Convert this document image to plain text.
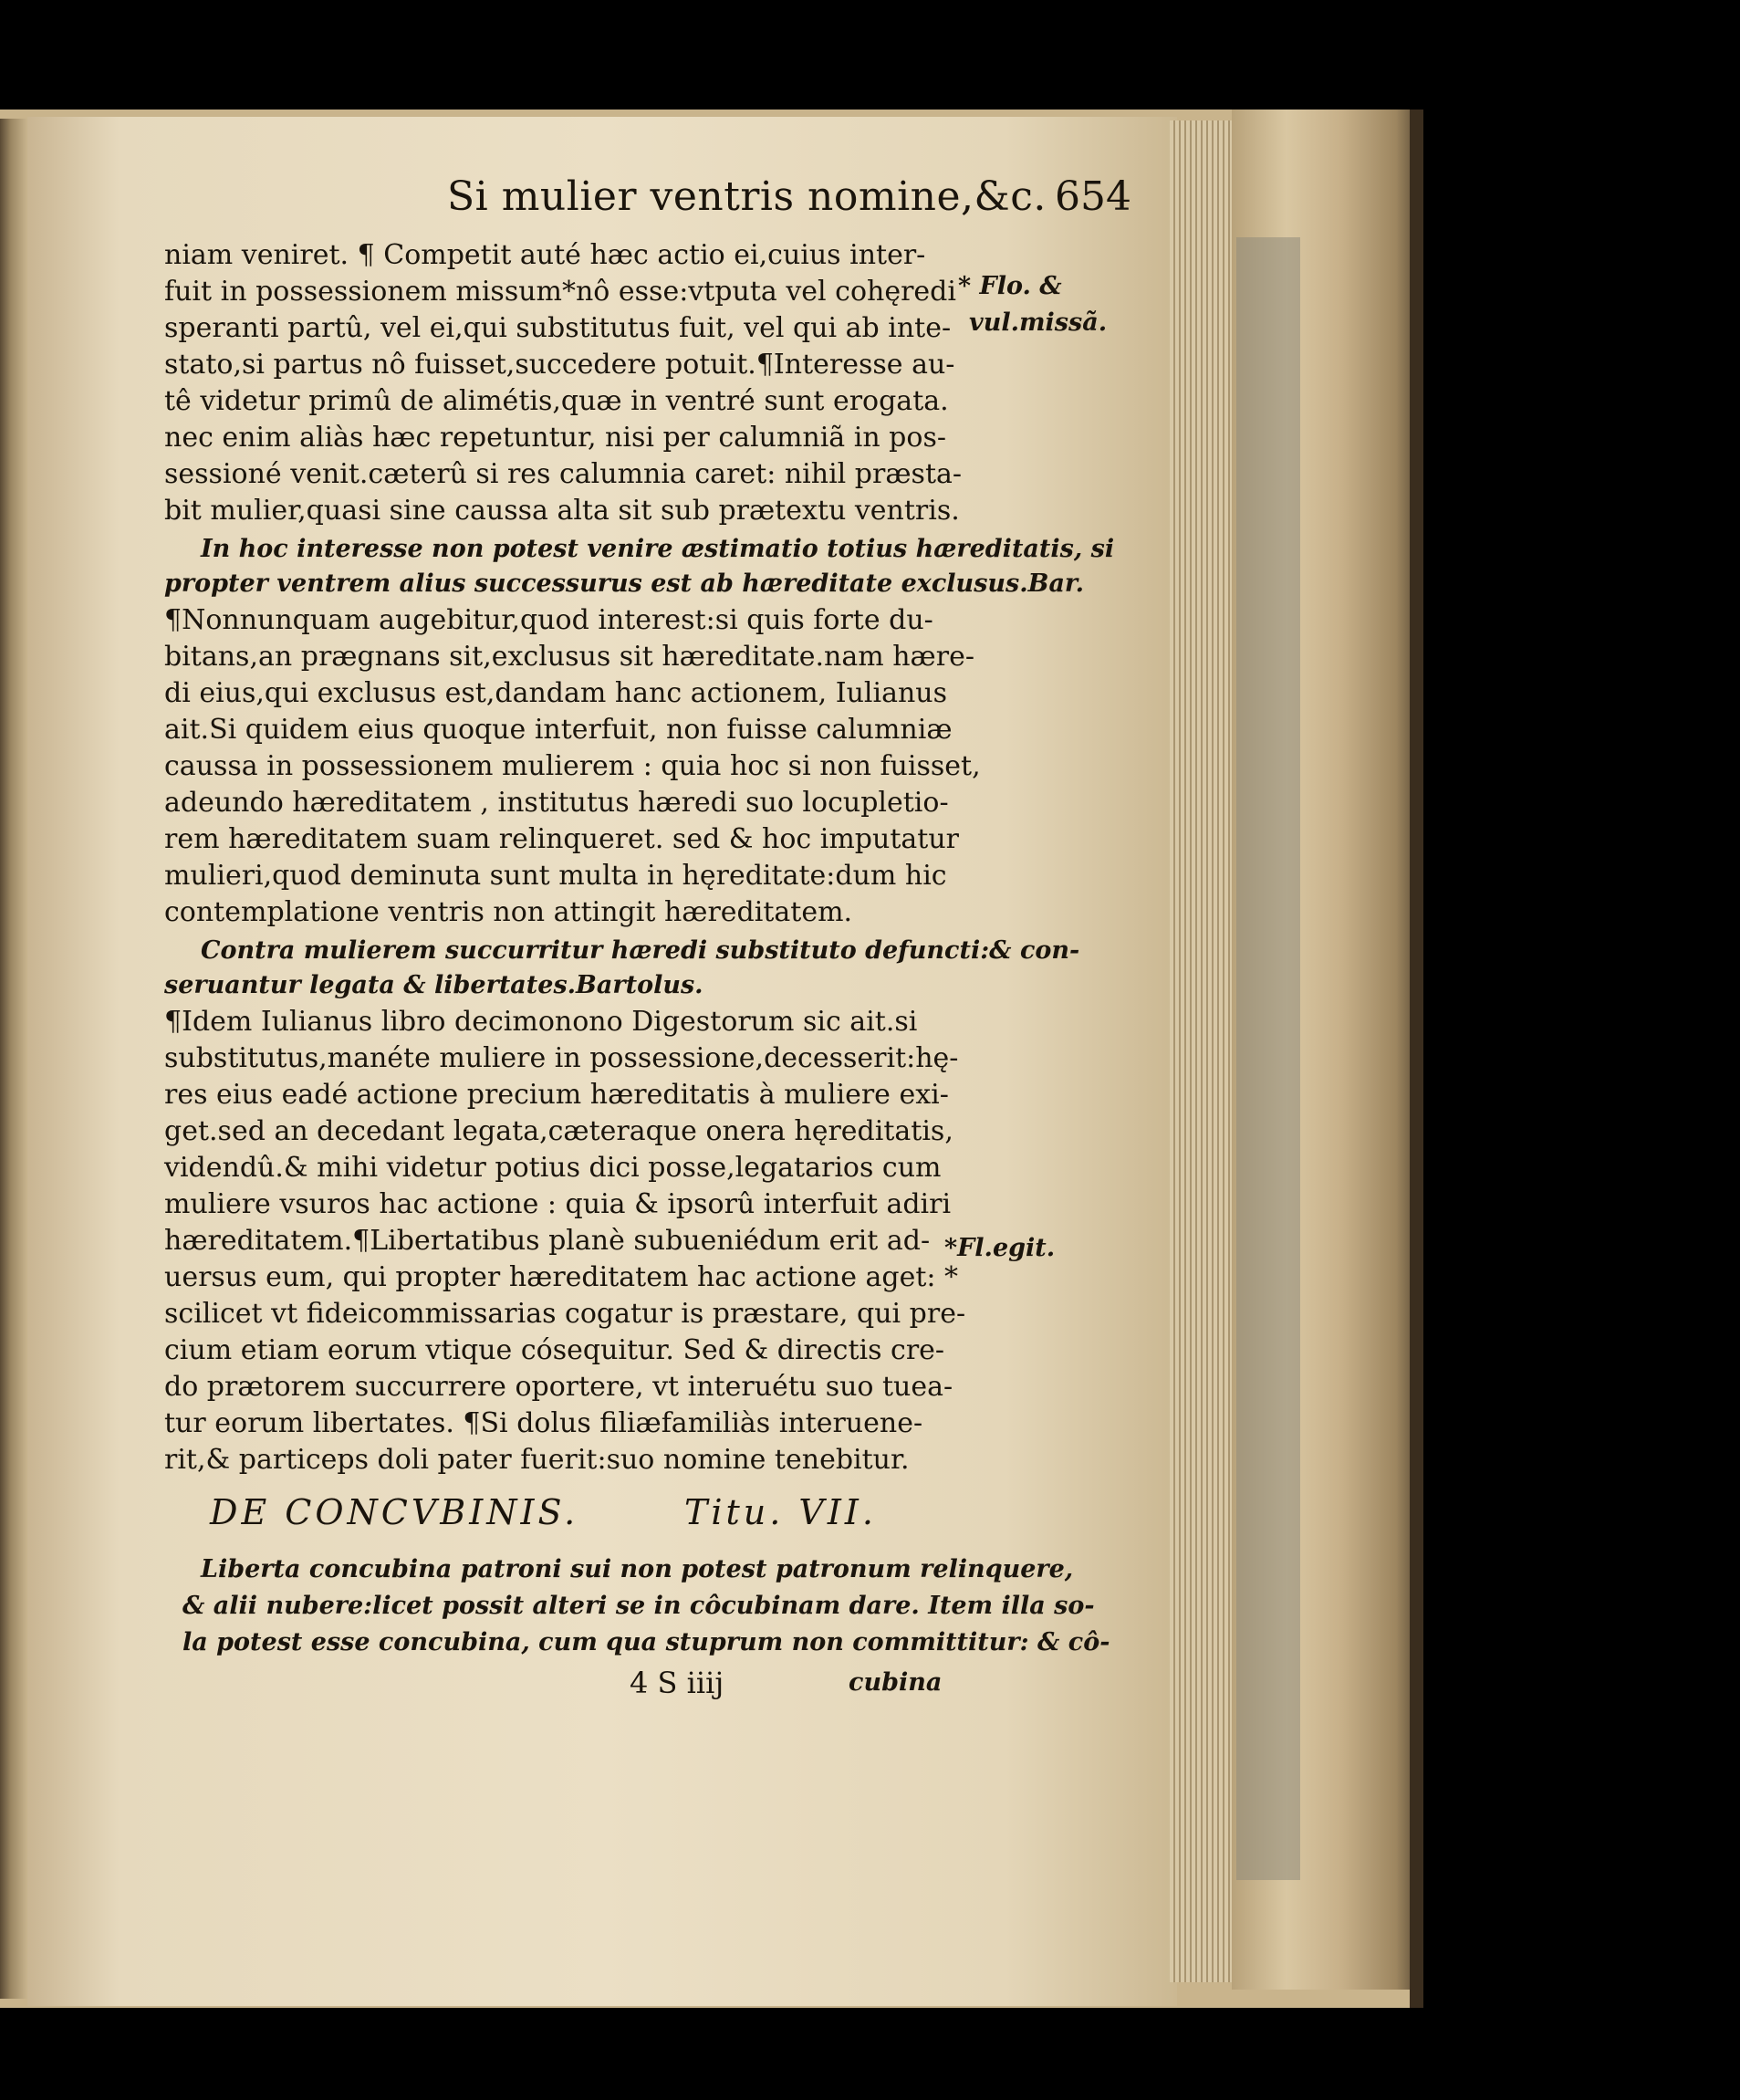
Si mulier ventris nomine,&c. 654
niam veniret. ¶ Competit auté hæc actio ei,cuius inter-
fuit in possessionem missum*nô esse:vtputa vel cohęredi
speranti partû, vel ei,qui substitutus fuit, vel qui ab inte-
stato,si partus nô fuisset,succedere potuit.¶Interesse au-
tê videtur primû de alimétis,quæ in ventré sunt erogata.
nec enim aliàs hæc repetuntur, nisi per calumniã in pos-
sessioné venit.cæterû si res calumnia caret: nihil præsta-
bit mulier,quasi sine caussa alta sit sub prætextu ventris.
In hoc interesse non potest venire æstimatio totius hæreditatis, si
propter ventrem alius successurus est ab hæreditate exclusus.Bar.
¶Nonnunquam augebitur,quod interest:si quis forte du-
bitans,an prægnans sit,exclusus sit hæreditate.nam hære-
di eius,qui exclusus est,dandam hanc actionem, Iulianus
ait.Si quidem eius quoque interfuit, non fuisse calumniæ
caussa in possessionem mulierem : quia hoc si non fuisset,
adeundo hæreditatem , institutus hæredi suo locupletio-
rem hæreditatem suam relinqueret. sed & hoc imputatur
mulieri,quod deminuta sunt multa in hęreditate:dum hic
contemplatione ventris non attingit hæreditatem.
Contra mulierem succurritur hæredi substituto defuncti:& con-
seruantur legata & libertates.Bartolus.
¶Idem Iulianus libro decimonono Digestorum sic ait.si
substitutus,manéte muliere in possessione,decesserit:hę-
res eius eadé actione precium hæreditatis à muliere exi-
get.sed an decedant legata,cæteraque onera hęreditatis,
videndû.& mihi videtur potius dici posse,legatarios cum
muliere vsuros hac actione : quia & ipsorû interfuit adiri
hæreditatem.¶Libertatibus planè subueniédum erit ad-
uersus eum, qui propter hæreditatem hac actione aget: *
scilicet vt fideicommissarias cogatur is præstare, qui pre-
cium etiam eorum vtique cósequitur. Sed & directis cre-
do prætorem succurrere oportere, vt interuétu suo tuea-
tur eorum libertates. ¶Si dolus filiæfamiliàs interuene-
rit,& particeps doli pater fuerit:suo nomine tenebitur.
DE CONCVBINIS.	Titu. VII.
Liberta concubina patroni sui non potest patronum relinquere,
& alii nubere:licet possit alteri se in côcubinam dare. Item illa so-
la potest esse concubina, cum qua stuprum non committitur: & cô-
4 S iiij	cubina
* Flo. &
vul.missã.
*Fl.egit.
